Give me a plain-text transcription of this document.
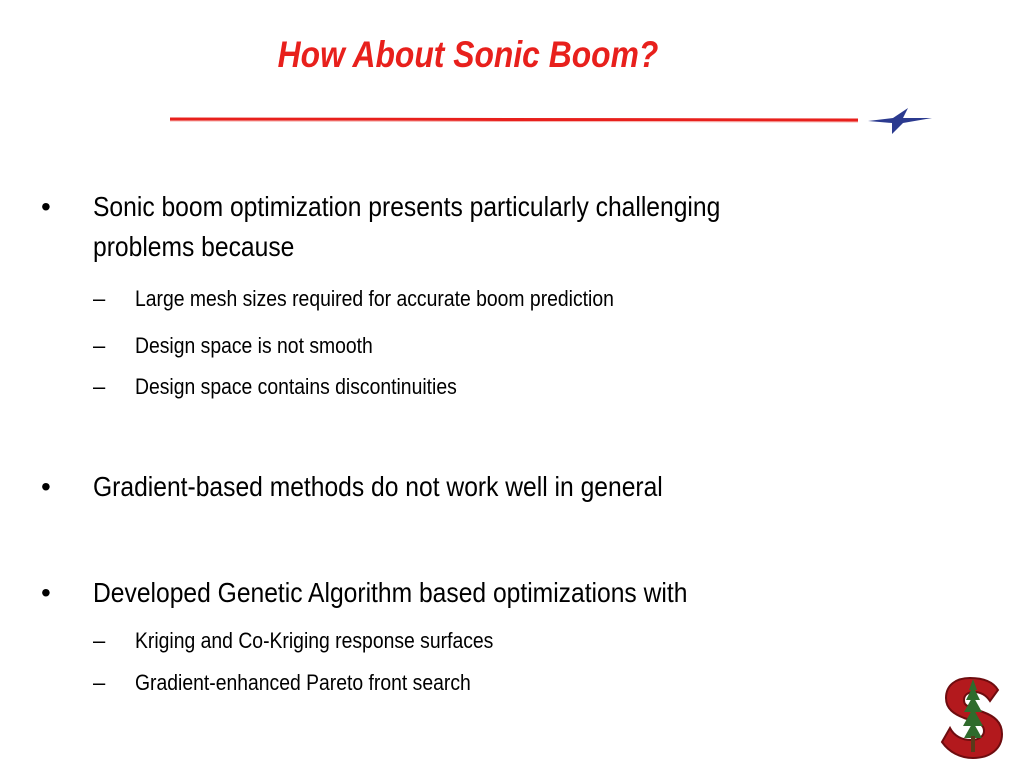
How About Sonic Boom?
• Sonic boom optimization presents particularly challenging problems because
– Large mesh sizes required for accurate boom prediction
– Design space is not smooth
– Design space contains discontinuities
• Gradient-based methods do not work well in general
• Developed Genetic Algorithm based optimizations with
– Kriging and Co-Kriging response surfaces
– Gradient-enhanced Pareto front search
